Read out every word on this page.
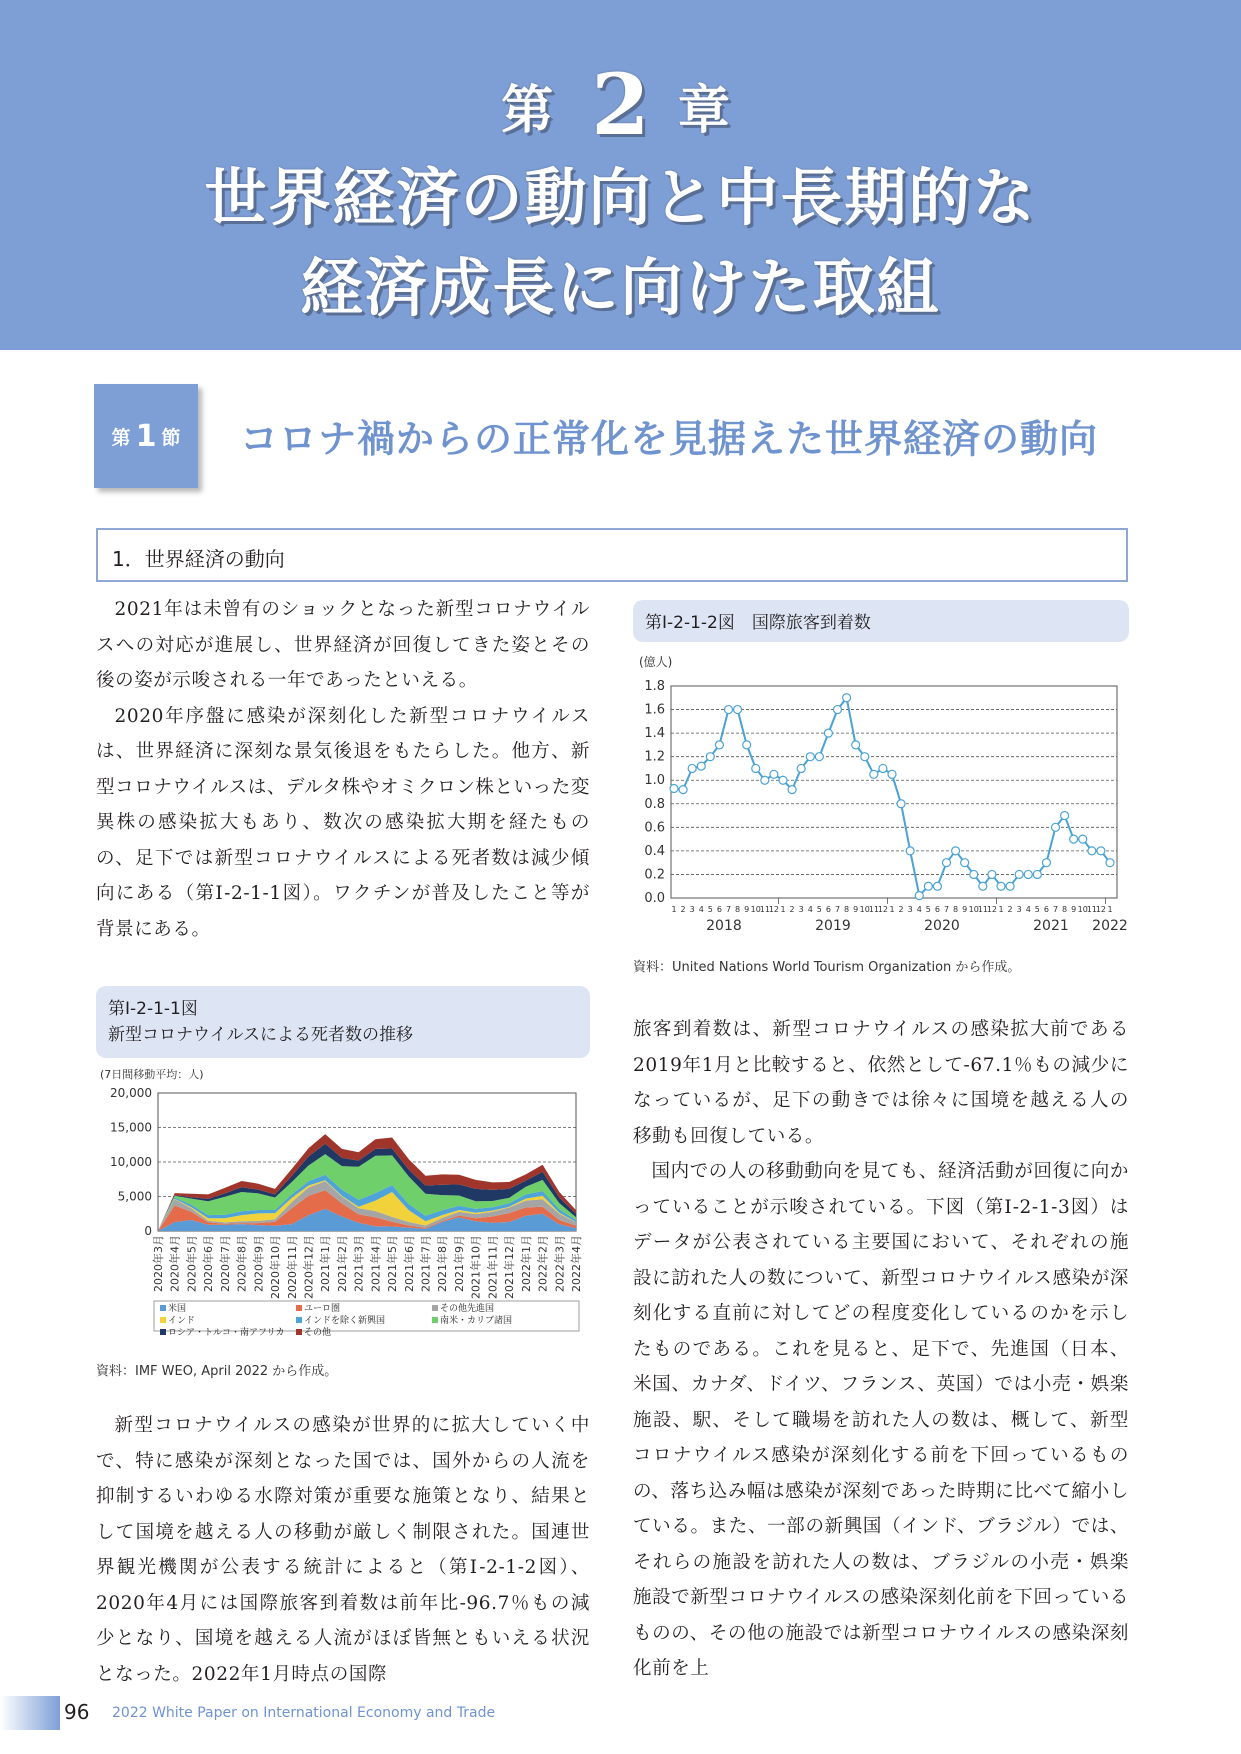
第 2 章
世界経済の動向と中長期的な
経済成長に向けた取組
第 1 節 コロナ禍からの正常化を見据えた世界経済の動向
1．世界経済の動向

2021年は未曾有のショックとなった新型コロナウイルスへの対応が進展し、世界経済が回復してきた姿とその後の姿が示唆される一年であったといえる。

2020年序盤に感染が深刻化した新型コロナウイルスは、世界経済に深刻な景気後退をもたらした。他方、新型コロナウイルスは、デルタ株やオミクロン株といった変異株の感染拡大もあり、数次の感染拡大期を経たものの、足下では新型コロナウイルスによる死者数は減少傾向にある（第Ⅰ-2-1-1図）。ワクチンが普及したこと等が背景にある。

第Ⅰ-2-1-1図
新型コロナウイルスによる死者数の推移
(7日間移動平均：人)
0
5,000
10,000
15,000
20,000
2020年3月 2020年4月 2020年5月 2020年6月 2020年7月 2020年8月 2020年9月 2020年10月 2020年11月 2020年12月 2021年1月 2021年2月 2021年3月 2021年4月 2021年5月 2021年6月 2021年7月 2021年8月 2021年9月 2021年10月 2021年11月 2021年12月 2022年1月 2022年2月 2022年3月 2022年4月
米国	ユーロ圏	その他先進国
インド	インドを除く新興国	南米・カリブ諸国
ロシア・トルコ・南アフリカ その他
資料：IMF WEO, April 2022 から作成。

新型コロナウイルスの感染が世界的に拡大していく中で、特に感染が深刻となった国では、国外からの人流を抑制するいわゆる水際対策が重要な施策となり、結果として国境を越える人の移動が厳しく制限された。国連世界観光機関が公表する統計によると（第Ⅰ-2-1-2図）、2020年4月には国際旅客到着数は前年比-96.7％もの減少となり、国境を越える人流がほぼ皆無ともいえる状況となった。2022年1月時点の国際

第Ⅰ-2-1-2図　国際旅客到着数
(億人)
0.0
0.2
0.4
0.6
0.8
1.0
1.2
1.4
1.6
1.8
1 2 3 4 5 6 7 8 9 10
11
12 1 2 3 4 5 6 7 8 9 10
11
12 1 2 3 4 5 6 7 8 9 10
11
12 1 2 3 4 5 6 7 8 9 10
11
12 1
2018	2019	2020	2021 2022
資料：United Nations World Tourism Organization から作成。

旅客到着数は、新型コロナウイルスの感染拡大前である2019年1月と比較すると、依然として-67.1％もの減少になっているが、足下の動きでは徐々に国境を越える人の移動も回復している。

国内での人の移動動向を見ても、経済活動が回復に向かっていることが示唆されている。下図（第Ⅰ-2-1-3図）はデータが公表されている主要国において、それぞれの施設に訪れた人の数について、新型コロナウイルス感染が深刻化する直前に対してどの程度変化しているのかを示したものである。これを見ると、足下で、先進国（日本、米国、カナダ、ドイツ、フランス、英国）では小売・娯楽施設、駅、そして職場を訪れた人の数は、概して、新型コロナウイルス感染が深刻化する前を下回っているものの、落ち込み幅は感染が深刻であった時期に比べて縮小している。また、一部の新興国（インド、ブラジル）では、それらの施設を訪れた人の数は、ブラジルの小売・娯楽施設で新型コロナウイルスの感染深刻化前を下回っているものの、その他の施設では新型コロナウイルスの感染深刻化前を上

96 2022 White Paper on International Economy and Trade
